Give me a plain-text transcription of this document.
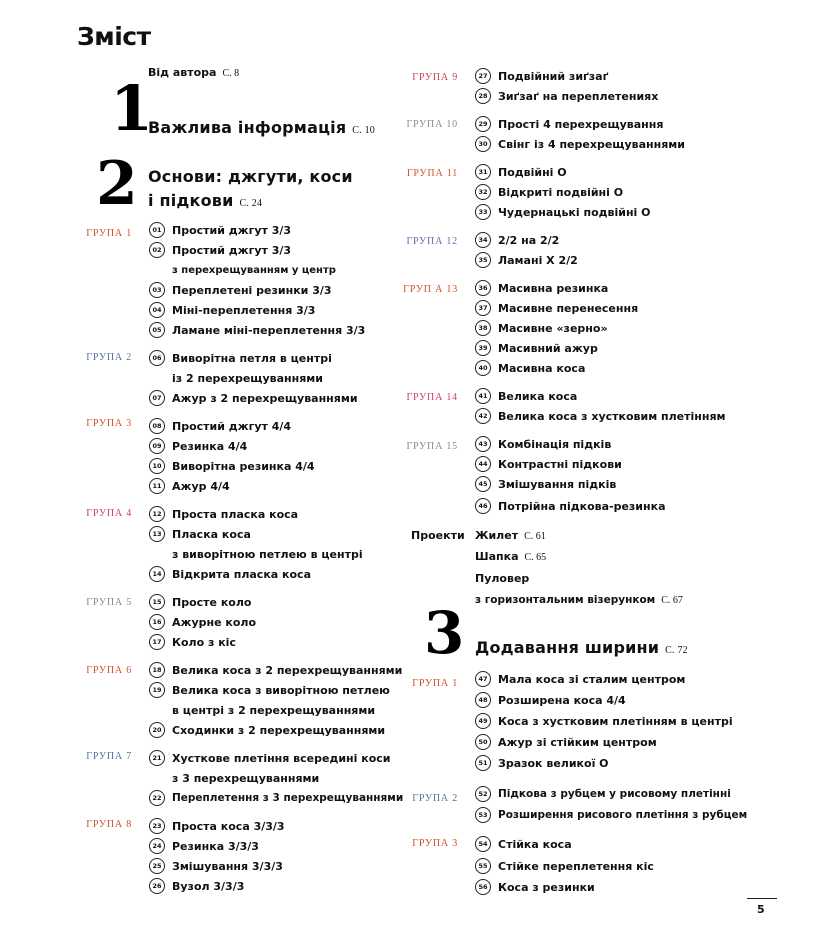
Зміст
Від автора С. 8
1
Важлива інформація С. 10
2 Основи: джгути, коси
і підкови С. 24
ГРУПА 1	01 Простий джгут 3/3
02 Простий джгут 3/3
з перехрещуванням у центр
03 Переплетені резинки 3/3
04 Міні-переплетення 3/3
05 Ламане міні-переплетення 3/3
ГРУПА 2	06 Виворітна петля в центрі
із 2 перехрещуваннями
07 Ажур з 2 перехрещуваннями
ГРУПА 3	08 Простий джгут 4/4
09 Резинка 4/4
10 Виворітна резинка 4/4
11 Ажур 4/4
ГРУПА 4	12 Проста пласка коса
13 Пласка коса
з виворітною петлею в центрі
14 Відкрита пласка коса
ГРУПА 5	15 Просте коло
16 Ажурне коло
17 Коло з кіс
ГРУПА 6	18 Велика коса з 2 перехрещуваннями
19 Велика коса з виворітною петлею
в центрі з 2 перехрещуваннями
20 Сходинки з 2 перехрещуваннями
ГРУПА 7	21 Хусткове плетіння всередині коси
з 3 перехрещуваннями
22 Переплетення з 3 перехрещуваннями
ГРУПА 8	23 Проста коса 3/3/3
24 Резинка 3/3/3
25 Змішування 3/3/3
26 Вузол 3/3/3
ГРУПА 9	27 Подвійний зиґзаґ
28 Зиґзаґ на переплетениях
ГРУПА 10	29 Прості 4 перехрещування
30 Свінг із 4 перехрещуваннями
ГРУПА 11	31 Подвійні О
32 Відкриті подвійні О
33 Чудернацькі подвійні О
ГРУПА 12	34 2/2 на 2/2
35 Ламані Х 2/2
ГРУП А 13	36 Масивна резинка
37 Масивне перенесення
38 Масивне «зерно»
39 Масивний ажур
40 Масивна коса
ГРУПА 14	41 Велика коса
42 Велика коса з хустковим плетінням
ГРУПА 15	43 Комбінація підків
44 Контрастні підкови
45 Змішування підків
46 Потрійна підкова-резинка
Проекти Жилет С. 61
Шапка С. 65
Пуловер
з горизонтальним візерунком С. 67
3 Додавання ширини С. 72
ГРУПА 1	47 Мала коса зі сталим центром
48 Розширена коса 4/4
49 Коса з хустковим плетінням в центрі
50 Ажур зі стійким центром
51 Зразок великої О
ГРУПА 2	52 Підкова з рубцем у рисовому плетінні
53 Розширення рисового плетіння з рубцем
ГРУПА 3	54 Стійка коса
55 Стійке переплетення кіс
56 Коса з резинки
5
